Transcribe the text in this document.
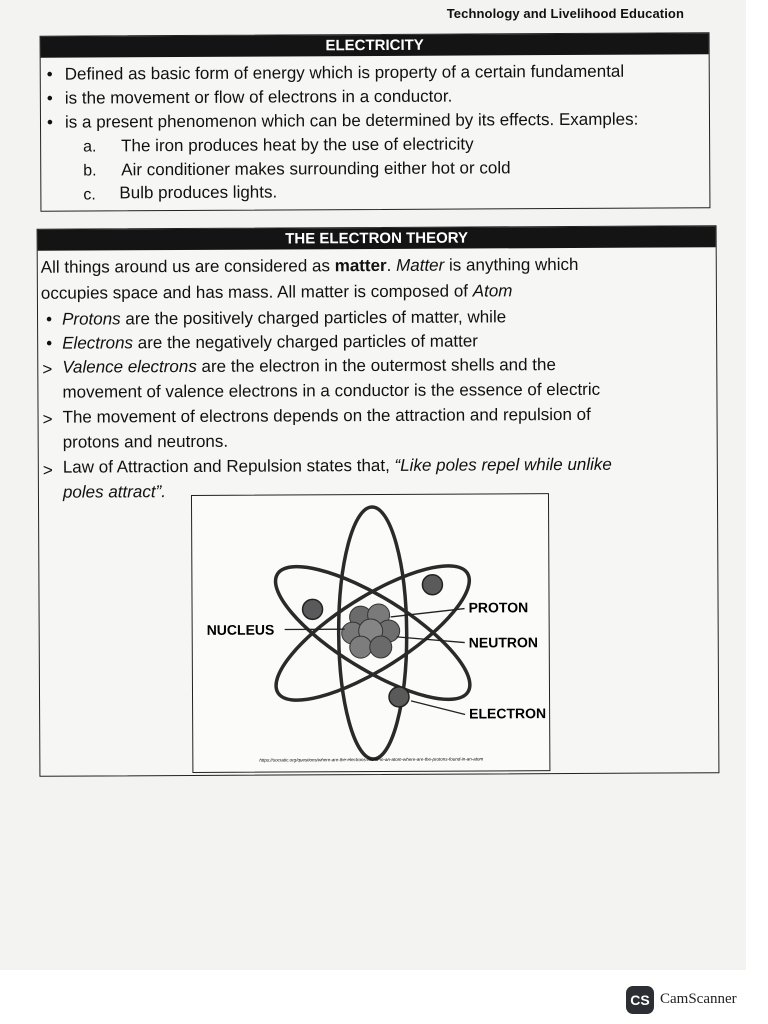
Technology and Livelihood Education
ELECTRICITY
• Defined as basic form of energy which is property of a certain fundamental
• is the movement or flow of electrons in a conductor.
• is a present phenomenon which can be determined by its effects. Examples:
a. The iron produces heat by the use of electricity
b. Air conditioner makes surrounding either hot or cold
c. Bulb produces lights.
THE ELECTRON THEORY
All things around us are considered as matter. Matter is anything which
occupies space and has mass. All matter is composed of Atom
• Protons are the positively charged particles of matter, while
• Electrons are the negatively charged particles of matter
> Valence electrons are the electron in the outermost shells and the
movement of valence electrons in a conductor is the essence of electric
> The movement of electrons depends on the attraction and repulsion of
protons and neutrons.
> Law of Attraction and Repulsion states that, “Like poles repel while unlike
poles attract”.
NUCLEUS
PROTON
NEUTRON
ELECTRON
https://socratic.org/questions/where-are-the-electrons-found-in-an-atom-where-are-the-protons-found-in-an-atom
CS CamScanner
